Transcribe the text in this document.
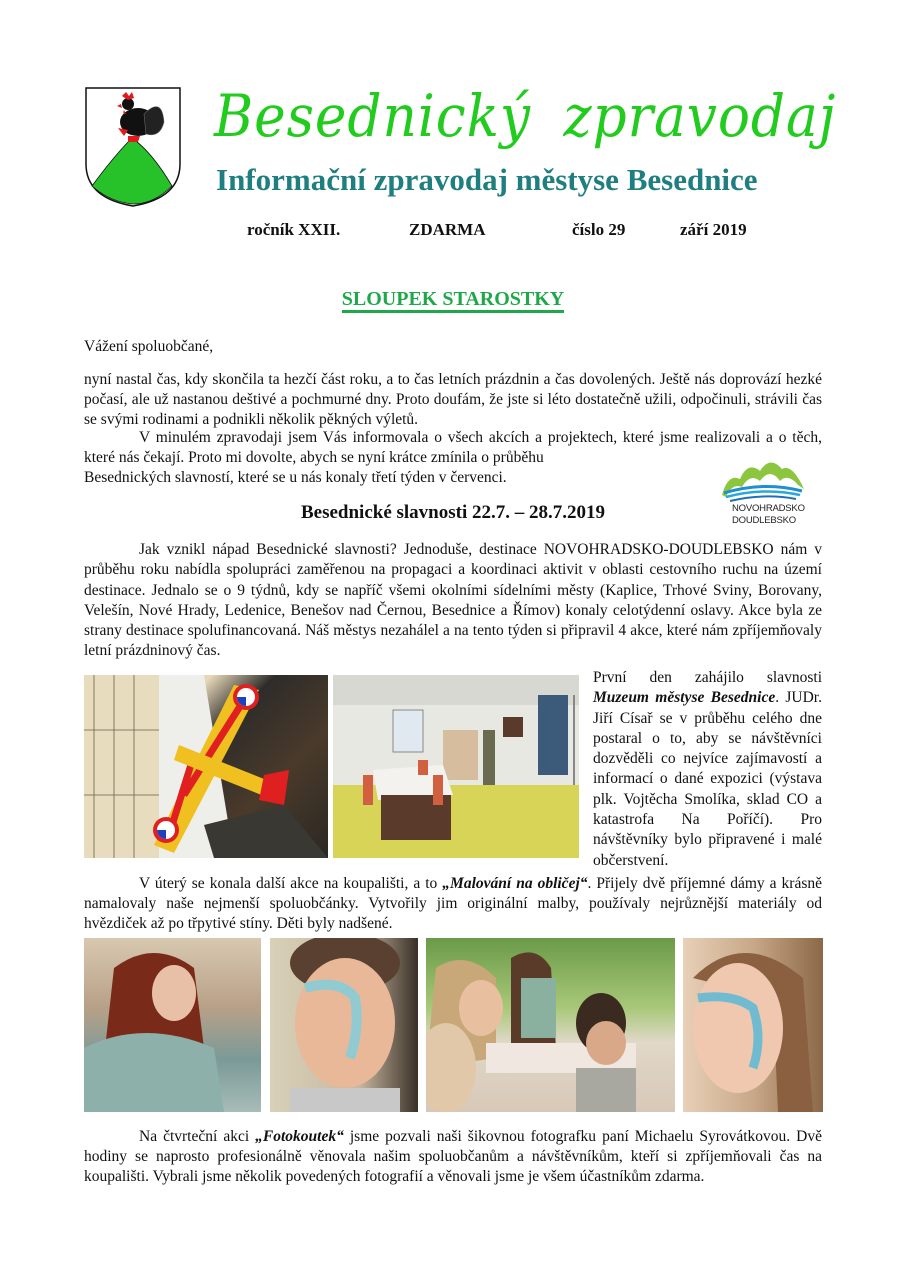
Besednický zpravodaj
Informační zpravodaj městyse Besednice
ročník XXII.	ZDARMA	číslo 29	září 2019
SLOUPEK STAROSTKY
Vážení spoluobčané,
nyní nastal čas, kdy skončila ta hezčí část roku, a to čas letních prázdnin a čas dovolených. Ještě nás doprovází hezké počasí, ale už nastanou deštivé a pochmurné dny. Proto doufám, že jste si léto dostatečně užili, odpočinuli, strávili čas se svými rodinami a podnikli několik pěkných výletů.
V minulém zpravodaji jsem Vás informovala o všech akcích a projektech, které jsme realizovali a o těch, které nás čekají. Proto mi dovolte, abych se nyní krátce zmínila o průběhu
Besednických slavností, které se u nás konaly třetí týden v červenci.
NOVOHRADSKO
DOUDLEBSKO
Besednické slavnosti 22.7. – 28.7.2019
Jak vznikl nápad Besednické slavnosti? Jednoduše, destinace NOVOHRADSKO-DOUDLEBSKO nám v průběhu roku nabídla spolupráci zaměřenou na propagaci a koordinaci aktivit v oblasti cestovního ruchu na území destinace. Jednalo se o 9 týdnů, kdy se napříč všemi okolními sídelními městy (Kaplice, Trhové Sviny, Borovany, Velešín, Nové Hrady, Ledenice, Benešov nad Černou, Besednice a Římov) konaly celotýdenní oslavy. Akce byla ze strany destinace spolufinancovaná. Náš městys nezahálel a na tento týden si připravil 4 akce, které nám zpříjemňovaly letní prázdninový čas.
První den zahájilo slavnosti Muzeum městyse Besednice. JUDr. Jiří Císař se v průběhu celého dne postaral o to, aby se návštěvníci dozvěděli co nejvíce zajímavostí a informací o dané expozici (výstava plk. Vojtěcha Smolíka, sklad CO a katastrofa Na Poříčí). Pro návštěvníky bylo připravené i malé občerstvení.
V úterý se konala další akce na koupališti, a to „Malování na obličej“. Přijely dvě příjemné dámy a krásně namalovaly naše nejmenší spoluobčánky. Vytvořily jim originální malby, používaly nejrůznější materiály od hvězdiček až po třpytivé stíny. Děti byly nadšené.
Na čtvrteční akci „Fotokoutek“ jsme pozvali naši šikovnou fotografku paní Michaelu Syrovátkovou. Dvě hodiny se naprosto profesionálně věnovala našim spoluobčanům a návštěvníkům, kteří si zpříjemňovali čas na koupališti. Vybrali jsme několik povedených fotografií a věnovali jsme je všem účastníkům zdarma.
